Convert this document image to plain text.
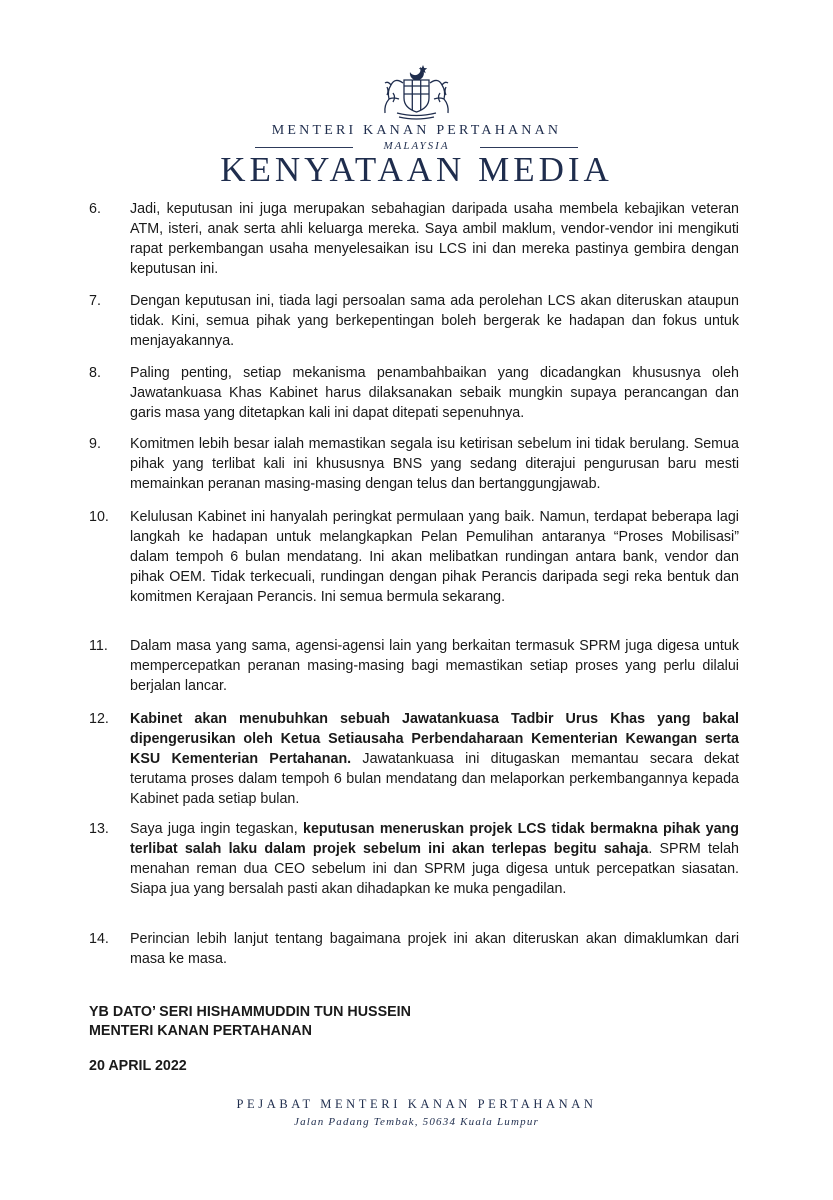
MENTERI KANAN PERTAHANAN
MALAYSIA
KENYATAAN MEDIA
6. Jadi, keputusan ini juga merupakan sebahagian daripada usaha membela kebajikan veteran ATM, isteri, anak serta ahli keluarga mereka. Saya ambil maklum, vendor-vendor ini mengikuti rapat perkembangan usaha menyelesaikan isu LCS ini dan mereka pastinya gembira dengan keputusan ini.
7. Dengan keputusan ini, tiada lagi persoalan sama ada perolehan LCS akan diteruskan ataupun tidak. Kini, semua pihak yang berkepentingan boleh bergerak ke hadapan dan fokus untuk menjayakannya.
8. Paling penting, setiap mekanisma penambahbaikan yang dicadangkan khususnya oleh Jawatankuasa Khas Kabinet harus dilaksanakan sebaik mungkin supaya perancangan dan garis masa yang ditetapkan kali ini dapat ditepati sepenuhnya.
9. Komitmen lebih besar ialah memastikan segala isu ketirisan sebelum ini tidak berulang. Semua pihak yang terlibat kali ini khususnya BNS yang sedang diterajui pengurusan baru mesti memainkan peranan masing-masing dengan telus dan bertanggungjawab.
10. Kelulusan Kabinet ini hanyalah peringkat permulaan yang baik. Namun, terdapat beberapa lagi langkah ke hadapan untuk melangkapkan Pelan Pemulihan antaranya “Proses Mobilisasi” dalam tempoh 6 bulan mendatang. Ini akan melibatkan rundingan antara bank, vendor dan pihak OEM. Tidak terkecuali, rundingan dengan pihak Perancis daripada segi reka bentuk dan komitmen Kerajaan Perancis. Ini semua bermula sekarang.
11. Dalam masa yang sama, agensi-agensi lain yang berkaitan termasuk SPRM juga digesa untuk mempercepatkan peranan masing-masing bagi memastikan setiap proses yang perlu dilalui berjalan lancar.
12. Kabinet akan menubuhkan sebuah Jawatankuasa Tadbir Urus Khas yang bakal dipengerusikan oleh Ketua Setiausaha Perbendaharaan Kementerian Kewangan serta KSU Kementerian Pertahanan. Jawatankuasa ini ditugaskan memantau secara dekat terutama proses dalam tempoh 6 bulan mendatang dan melaporkan perkembangannya kepada Kabinet pada setiap bulan.
13. Saya juga ingin tegaskan, keputusan meneruskan projek LCS tidak bermakna pihak yang terlibat salah laku dalam projek sebelum ini akan terlepas begitu sahaja. SPRM telah menahan reman dua CEO sebelum ini dan SPRM juga digesa untuk percepatkan siasatan. Siapa jua yang bersalah pasti akan dihadapkan ke muka pengadilan.
14. Perincian lebih lanjut tentang bagaimana projek ini akan diteruskan akan dimaklumkan dari masa ke masa.
YB DATO’ SERI HISHAMMUDDIN TUN HUSSEIN
MENTERI KANAN PERTAHANAN
20 APRIL 2022
PEJABAT MENTERI KANAN PERTAHANAN
Jalan Padang Tembak, 50634 Kuala Lumpur
